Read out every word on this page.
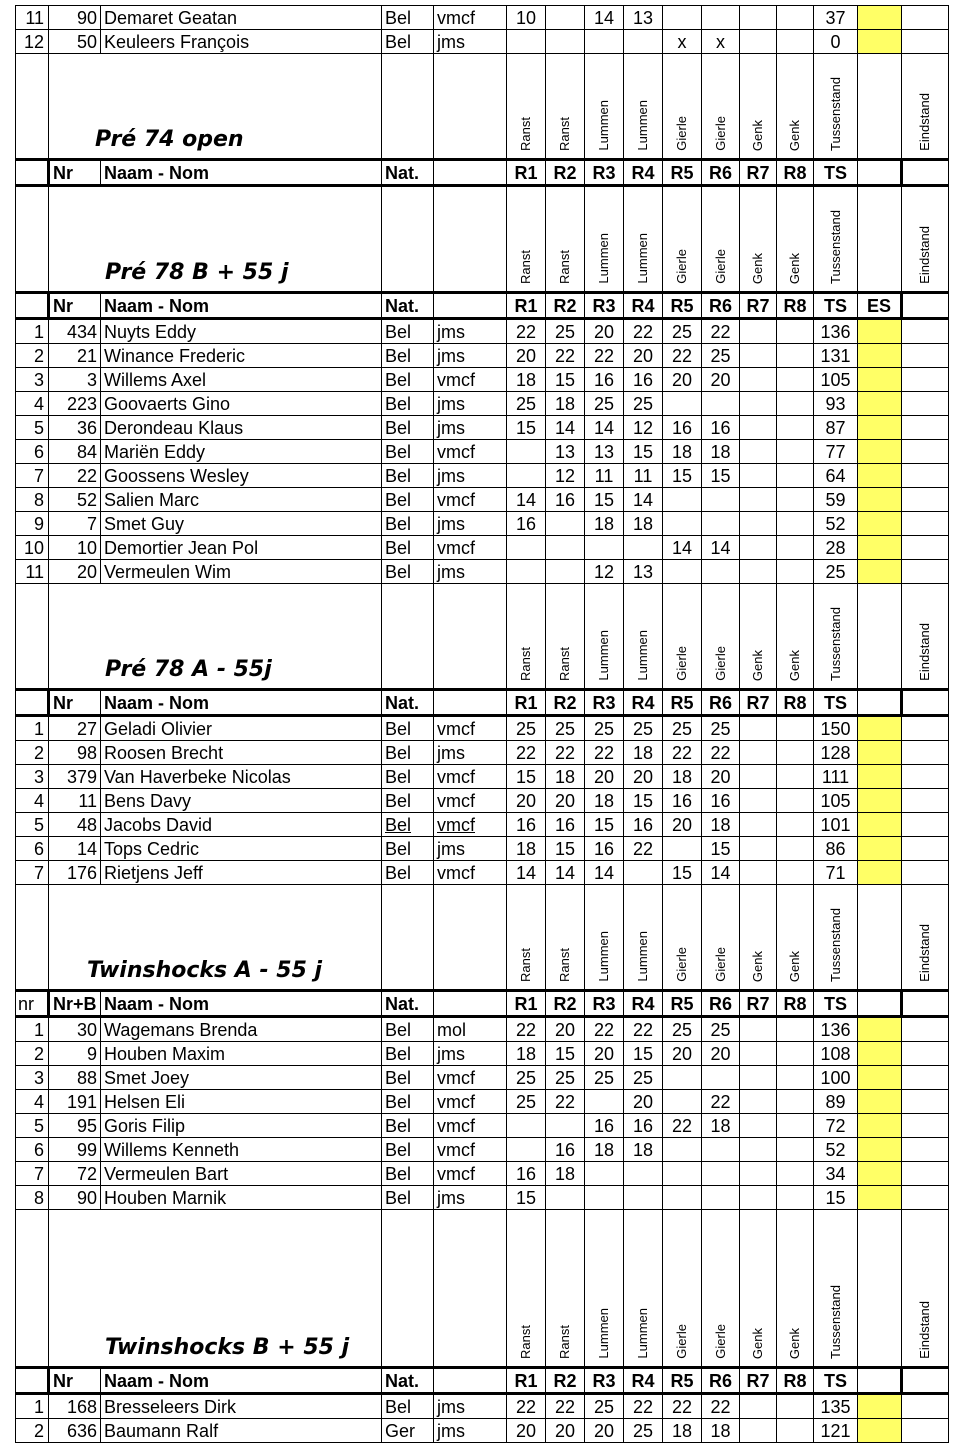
11	90	Demaret Geatan	Bel	vmcf	10		14	13					37		
12	50	Keuleers François	Bel	jms					x	x			0		
	Pré 74 open				Ranst	Ranst	Lummen	Lummen	Gierle	Gierle	Genk	Genk	Tussenstand		Eindstand
	Nr	Naam - Nom	Nat.		R1	R2	R3	R4	R5	R6	R7	R8	TS		
	Pré 78 B + 55 j				Ranst	Ranst	Lummen	Lummen	Gierle	Gierle	Genk	Genk	Tussenstand		Eindstand
	Nr	Naam - Nom	Nat.		R1	R2	R3	R4	R5	R6	R7	R8	TS	ES	
1	434	Nuyts Eddy	Bel	jms	22	25	20	22	25	22			136		
2	21	Winance Frederic	Bel	jms	20	22	22	20	22	25			131		
3	3	Willems Axel	Bel	vmcf	18	15	16	16	20	20			105		
4	223	Goovaerts Gino	Bel	jms	25	18	25	25					93		
5	36	Derondeau Klaus	Bel	jms	15	14	14	12	16	16			87		
6	84	Mariën Eddy	Bel	vmcf		13	13	15	18	18			77		
7	22	Goossens Wesley	Bel	jms		12	11	11	15	15			64		
8	52	Salien Marc	Bel	vmcf	14	16	15	14					59		
9	7	Smet Guy	Bel	jms	16		18	18					52		
10	10	Demortier Jean Pol	Bel	vmcf					14	14			28		
11	20	Vermeulen Wim	Bel	jms			12	13					25		
	Pré 78 A - 55j				Ranst	Ranst	Lummen	Lummen	Gierle	Gierle	Genk	Genk	Tussenstand		Eindstand
	Nr	Naam - Nom	Nat.		R1	R2	R3	R4	R5	R6	R7	R8	TS		
1	27	Geladi Olivier	Bel	vmcf	25	25	25	25	25	25			150		
2	98	Roosen Brecht	Bel	jms	22	22	22	18	22	22			128		
3	379	Van Haverbeke Nicolas	Bel	vmcf	15	18	20	20	18	20			111		
4	11	Bens Davy	Bel	vmcf	20	20	18	15	16	16			105		
5	48	Jacobs David	Bel	vmcf	16	16	15	16	20	18			101		
6	14	Tops Cedric	Bel	jms	18	15	16	22		15			86		
7	176	Rietjens Jeff	Bel	vmcf	14	14	14		15	14			71		
	Twinshocks A - 55 j				Ranst	Ranst	Lummen	Lummen	Gierle	Gierle	Genk	Genk	Tussenstand		Eindstand
nr	Nr+B	Naam - Nom	Nat.		R1	R2	R3	R4	R5	R6	R7	R8	TS		
1	30	Wagemans Brenda	Bel	mol	22	20	22	22	25	25			136		
2	9	Houben Maxim	Bel	jms	18	15	20	15	20	20			108		
3	88	Smet Joey	Bel	vmcf	25	25	25	25					100		
4	191	Helsen Eli	Bel	vmcf	25	22		20		22			89		
5	95	Goris Filip	Bel	vmcf			16	16	22	18			72		
6	99	Willems Kenneth	Bel	vmcf		16	18	18					52		
7	72	Vermeulen Bart	Bel	vmcf	16	18							34		
8	90	Houben Marnik	Bel	jms	15								15		
	Twinshocks B + 55 j				Ranst	Ranst	Lummen	Lummen	Gierle	Gierle	Genk	Genk	Tussenstand		Eindstand
	Nr	Naam - Nom	Nat.		R1	R2	R3	R4	R5	R6	R7	R8	TS		
1	168	Bresseleers Dirk	Bel	jms	22	22	25	22	22	22			135		
2	636	Baumann Ralf	Ger	jms	20	20	20	25	18	18			121		
